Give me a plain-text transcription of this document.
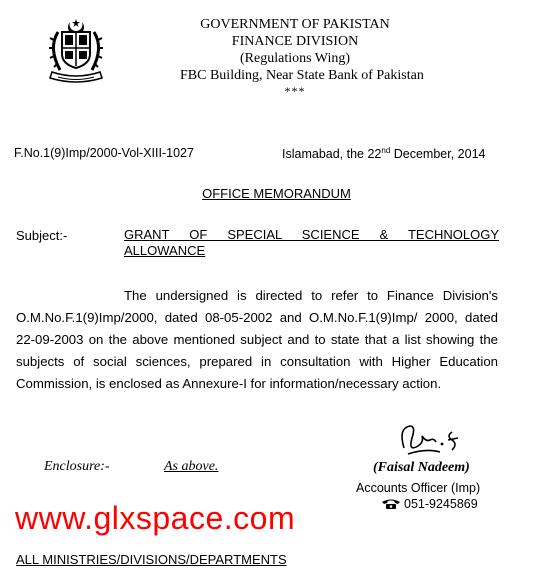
GOVERNMENT OF PAKISTAN
FINANCE DIVISION
(Regulations Wing)
FBC Building, Near State Bank of Pakistan
***
F.No.1(9)Imp/2000-Vol-XIII-1027	Islamabad, the 22nd December, 2014
OFFICE MEMORANDUM
Subject:-	GRANT OF SPECIAL SCIENCE & TECHNOLOGY
ALLOWANCE
The undersigned is directed to refer to Finance Division's O.M.No.F.1(9)Imp/2000, dated 08-05-2002 and O.M.No.F.1(9)Imp/ 2000, dated 22-09-2003 on the above mentioned subject and to state that a list showing the subjects of social sciences, prepared in consultation with Higher Education Commission, is enclosed as Annexure-I for information/necessary action.
Enclosure:-	As above.	(Faisal Nadeem)
Accounts Officer (Imp)
051-9245869
www.glxspace.com
ALL MINISTRIES/DIVISIONS/DEPARTMENTS
